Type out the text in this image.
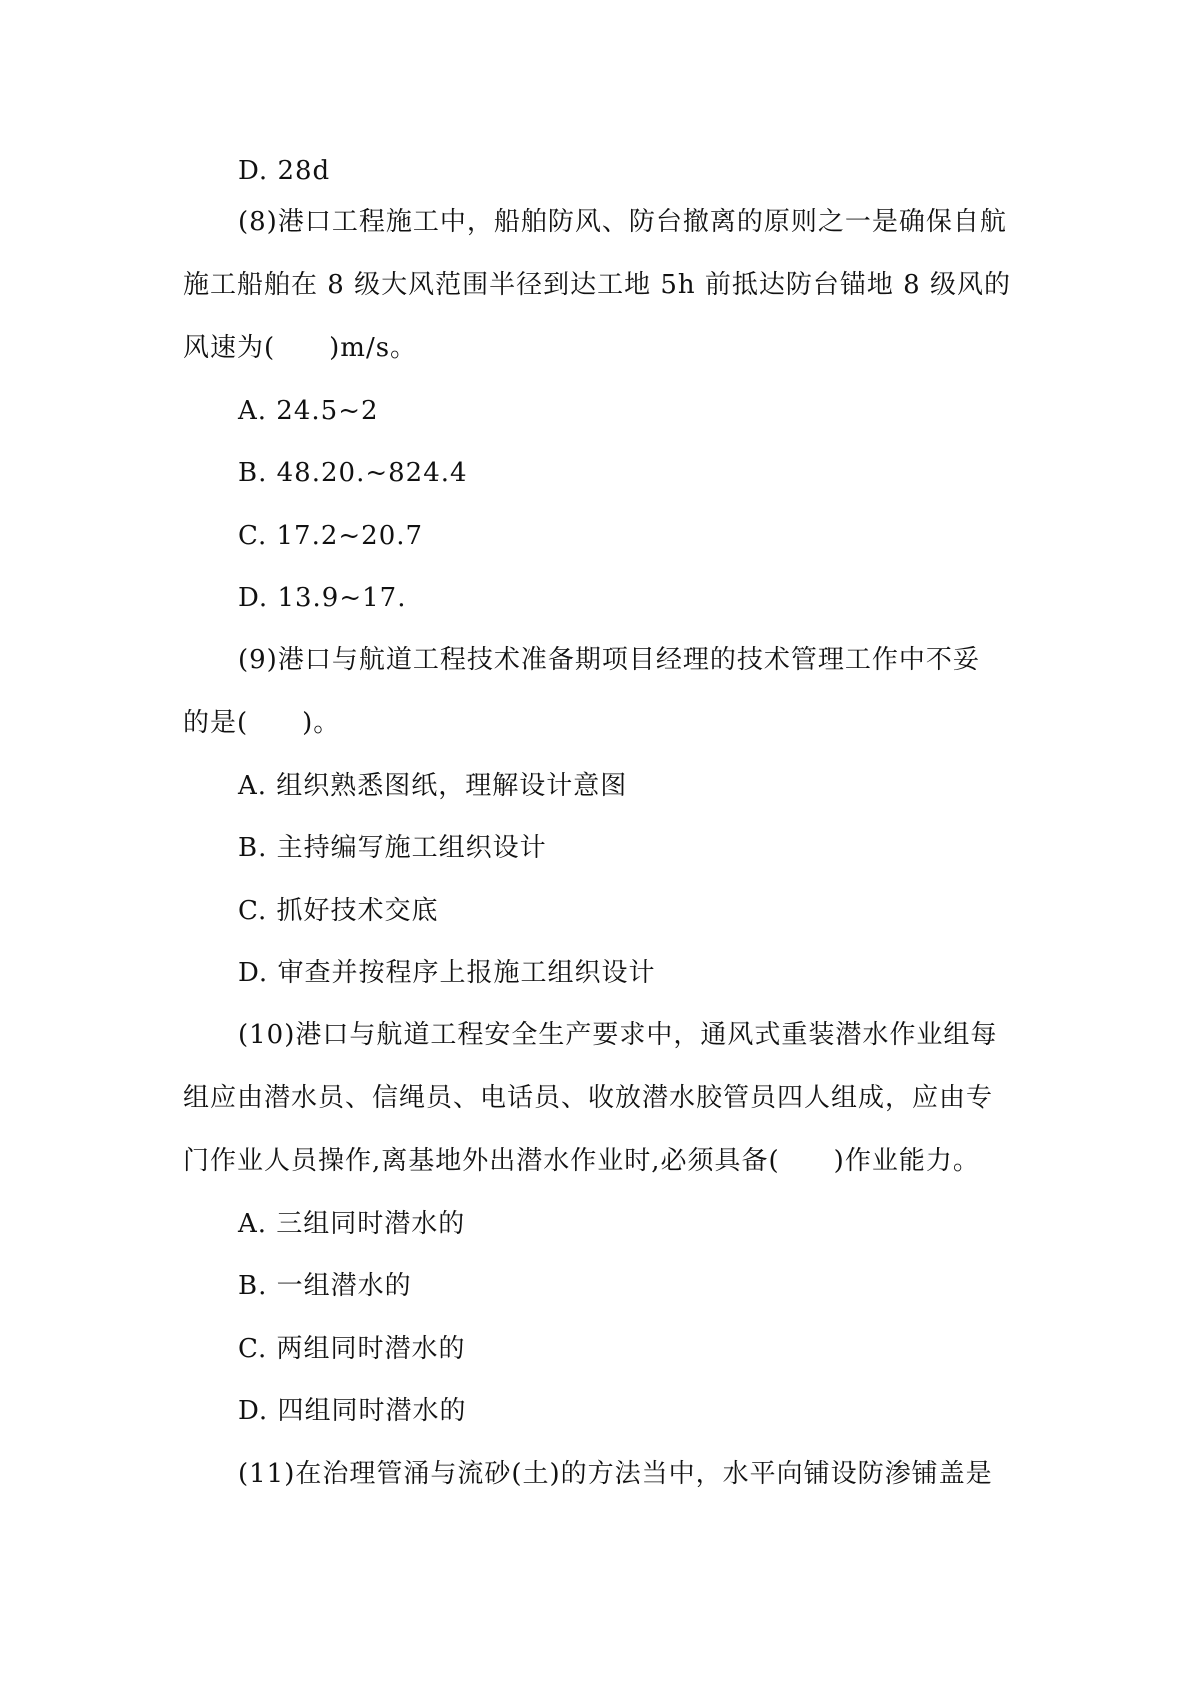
D. 28d
(8)港口工程施工中，船舶防风、防台撤离的原则之一是确保自航
施工船舶在 8 级大风范围半径到达工地 5h 前抵达防台锚地 8 级风的
风速为(　　)m/s。
A. 24.5~2
B. 48.20.~824.4
C. 17.2~20.7
D. 13.9~17.
(9)港口与航道工程技术准备期项目经理的技术管理工作中不妥
的是(　　)。
A. 组织熟悉图纸，理解设计意图
B. 主持编写施工组织设计
C. 抓好技术交底
D. 审查并按程序上报施工组织设计
(10)港口与航道工程安全生产要求中，通风式重装潜水作业组每
组应由潜水员、信绳员、电话员、收放潜水胶管员四人组成，应由专
门作业人员操作,离基地外出潜水作业时,必须具备(　　)作业能力。
A. 三组同时潜水的
B. 一组潜水的
C. 两组同时潜水的
D. 四组同时潜水的
(11)在治理管涌与流砂(土)的方法当中，水平向铺设防渗铺盖是
